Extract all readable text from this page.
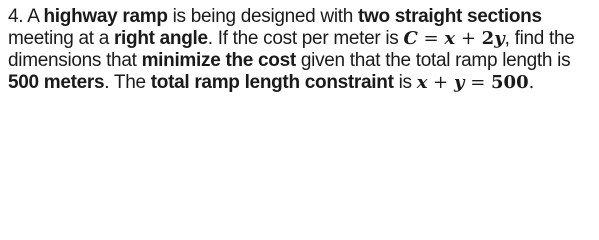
4. A highway ramp is being designed with two straight sections meeting at a right angle. If the cost per meter is C = x + 2y, find the dimensions that minimize the cost given that the total ramp length is 500 meters. The total ramp length constraint is x + y = 500.
